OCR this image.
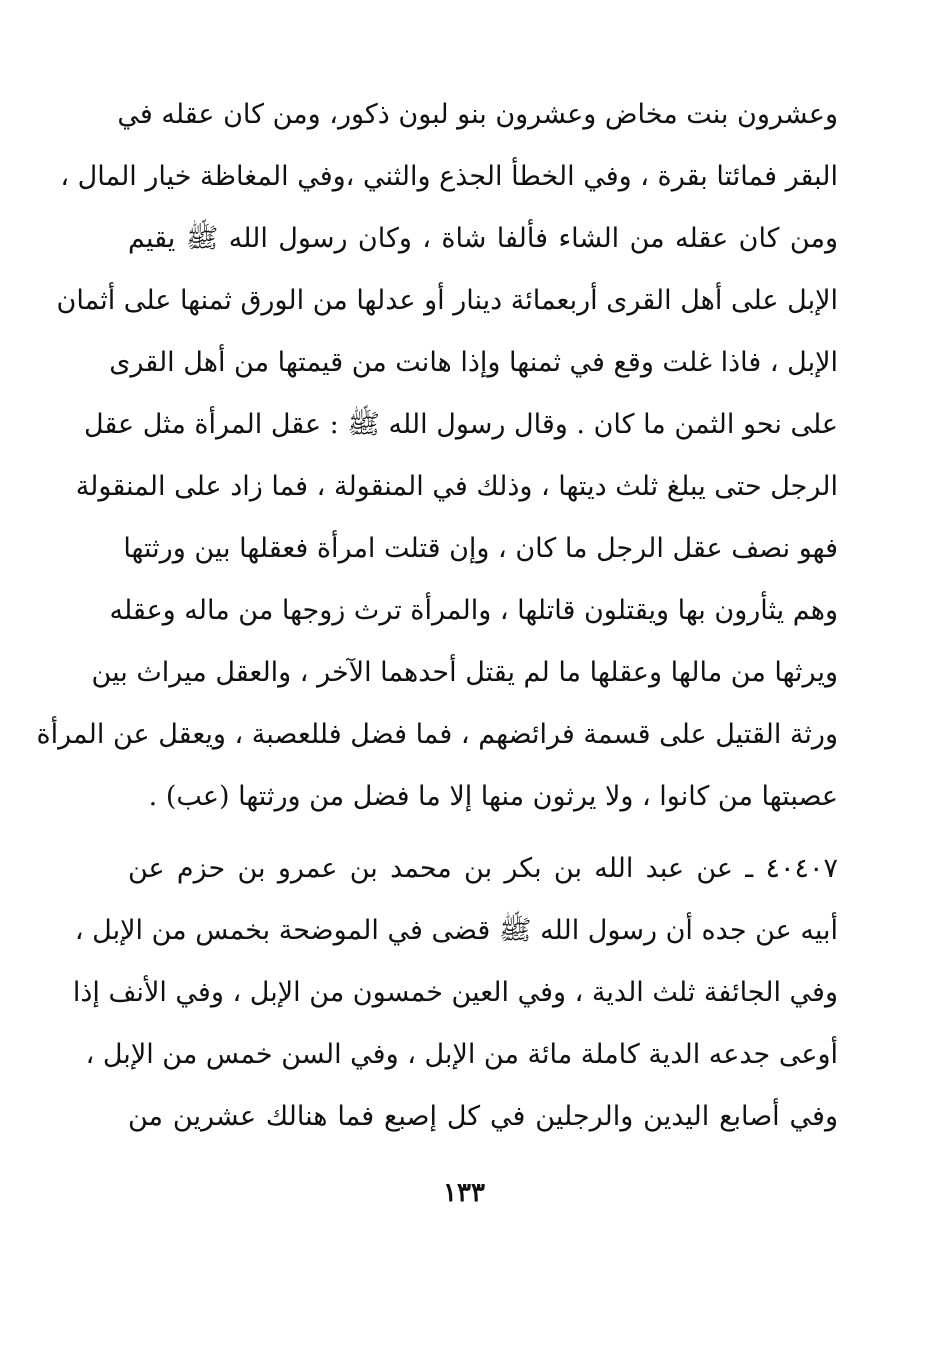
وعشرون بنت مخاض وعشرون بنو لبون ذكور، ومن كان عقله في
البقر فمائتا بقرة ، وفي الخطأ الجذع والثني ،وفي المغاظة خيار المال ،
ومن كان عقله من الشاء فألفا شاة ، وكان رسول الله ﷺ يقيم
الإبل على أهل القرى أربعمائة دينار أو عدلها من الورق ثمنها على أثمان
الإبل ، فاذا غلت وقع في ثمنها وإذا هانت من قيمتها من أهل القرى
على نحو الثمن ما كان . وقال رسول الله ﷺ : عقل المرأة مثل عقل
الرجل حتى يبلغ ثلث ديتها ، وذلك في المنقولة ، فما زاد على المنقولة
فهو نصف عقل الرجل ما كان ، وإن قتلت امرأة فعقلها بين ورثتها
وهم يثأرون بها ويقتلون قاتلها ، والمرأة ترث زوجها من ماله وعقله
ويرثها من مالها وعقلها ما لم يقتل أحدهما الآخر ، والعقل ميراث بين
ورثة القتيل على قسمة فرائضهم ، فما فضل فللعصبة ، ويعقل عن المرأة
عصبتها من كانوا ، ولا يرثون منها إلا ما فضل من ورثتها (عب) .
٤٠٤٠٧ ـ عن عبد الله بن بكر بن محمد بن عمرو بن حزم عن
أبيه عن جده أن رسول الله ﷺ قضى في الموضحة بخمس من الإبل ،
وفي الجائفة ثلث الدية ، وفي العين خمسون من الإبل ، وفي الأنف إذا
أوعى جدعه الدية كاملة مائة من الإبل ، وفي السن خمس من الإبل ،
وفي أصابع اليدين والرجلين في كل إصبع فما هنالك عشرين من
١٣٣
